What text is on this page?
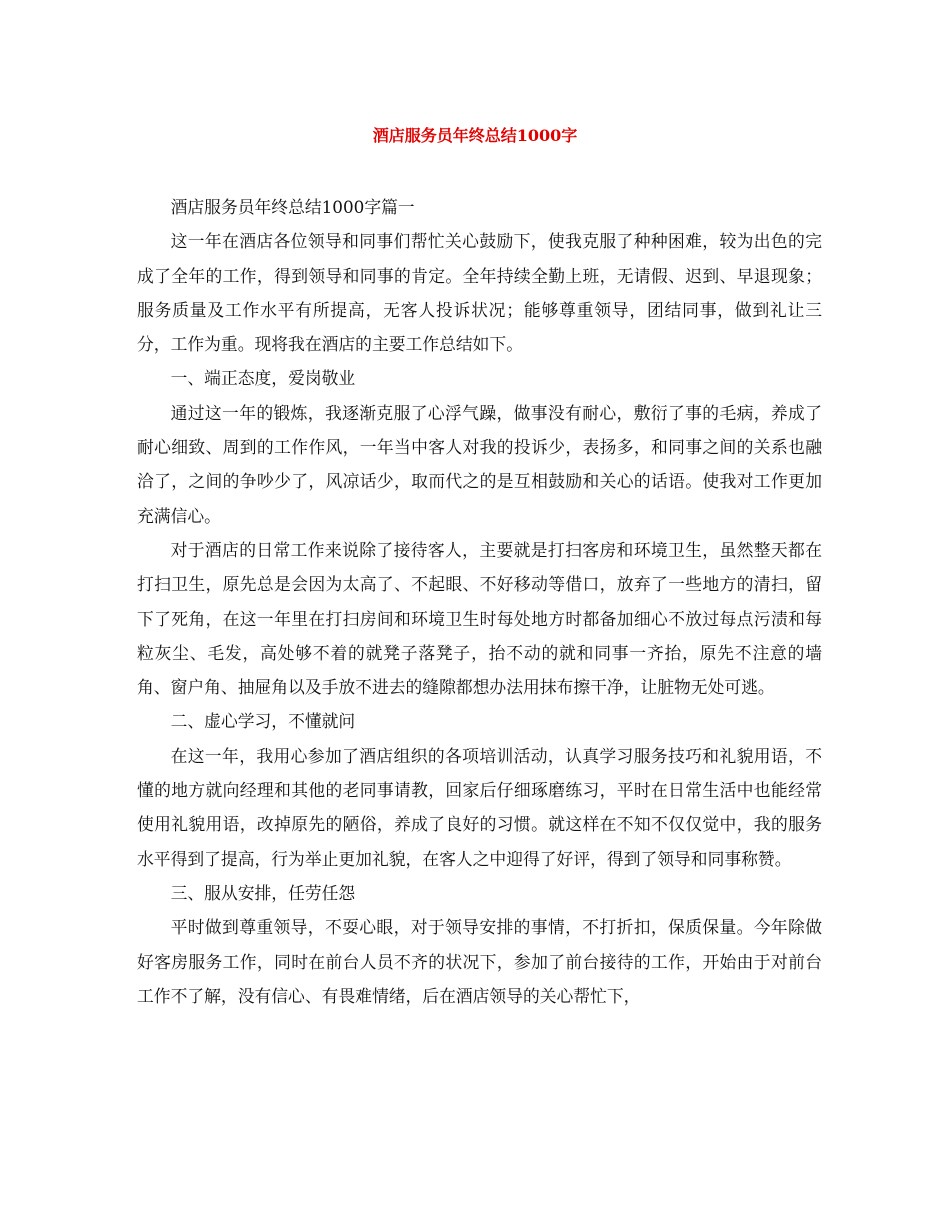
酒店服务员年终总结1000字

酒店服务员年终总结1000字篇一

这一年在酒店各位领导和同事们帮忙关心鼓励下，使我克服了种种困难，较为出色的完成了全年的工作，得到领导和同事的肯定。全年持续全勤上班，无请假、迟到、早退现象；服务质量及工作水平有所提高，无客人投诉状况；能够尊重领导，团结同事，做到礼让三分，工作为重。现将我在酒店的主要工作总结如下。

一、端正态度，爱岗敬业

通过这一年的锻炼，我逐渐克服了心浮气躁，做事没有耐心，敷衍了事的毛病，养成了耐心细致、周到的工作作风，一年当中客人对我的投诉少，表扬多，和同事之间的关系也融洽了，之间的争吵少了，风凉话少，取而代之的是互相鼓励和关心的话语。使我对工作更加充满信心。

对于酒店的日常工作来说除了接待客人，主要就是打扫客房和环境卫生，虽然整天都在打扫卫生，原先总是会因为太高了、不起眼、不好移动等借口，放弃了一些地方的清扫，留下了死角，在这一年里在打扫房间和环境卫生时每处地方时都备加细心不放过每点污渍和每粒灰尘、毛发，高处够不着的就凳子落凳子，抬不动的就和同事一齐抬，原先不注意的墙角、窗户角、抽屉角以及手放不进去的缝隙都想办法用抹布擦干净，让脏物无处可逃。

二、虚心学习，不懂就问

在这一年，我用心参加了酒店组织的各项培训活动，认真学习服务技巧和礼貌用语，不懂的地方就向经理和其他的老同事请教，回家后仔细琢磨练习，平时在日常生活中也能经常使用礼貌用语，改掉原先的陋俗，养成了良好的习惯。就这样在不知不仅仅觉中，我的服务水平得到了提高，行为举止更加礼貌，在客人之中迎得了好评，得到了领导和同事称赞。

三、服从安排，任劳任怨

平时做到尊重领导，不耍心眼，对于领导安排的事情，不打折扣，保质保量。今年除做好客房服务工作，同时在前台人员不齐的状况下，参加了前台接待的工作，开始由于对前台工作不了解，没有信心、有畏难情绪，后在酒店领导的关心帮忙下，
